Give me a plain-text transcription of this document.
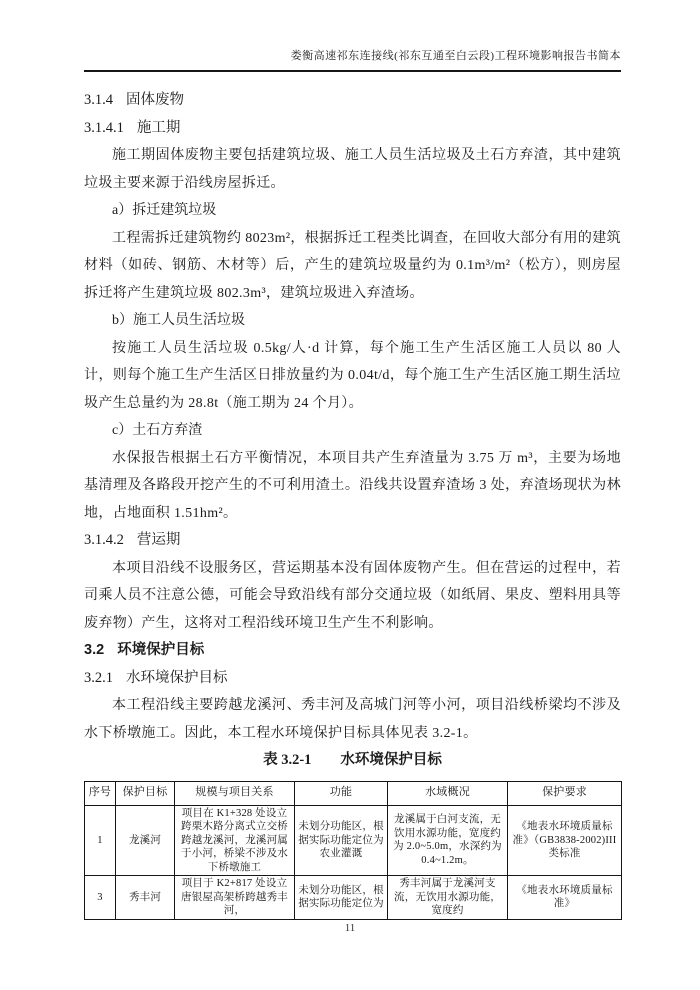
娄衡高速祁东连接线(祁东互通至白云段)工程环境影响报告书简本
3.1.4 固体废物
3.1.4.1 施工期
施工期固体废物主要包括建筑垃圾、施工人员生活垃圾及土石方弃渣，其中建筑垃圾主要来源于沿线房屋拆迁。
a）拆迁建筑垃圾
工程需拆迁建筑物约 8023m²，根据拆迁工程类比调查，在回收大部分有用的建筑材料（如砖、钢筋、木材等）后，产生的建筑垃圾量约为 0.1m³/m²（松方），则房屋拆迁将产生建筑垃圾 802.3m³，建筑垃圾进入弃渣场。
b）施工人员生活垃圾
按施工人员生活垃圾 0.5kg/人·d 计算，每个施工生产生活区施工人员以 80 人计，则每个施工生产生活区日排放量约为 0.04t/d，每个施工生产生活区施工期生活垃圾产生总量约为 28.8t（施工期为 24 个月）。
c）土石方弃渣
水保报告根据土石方平衡情况，本项目共产生弃渣量为 3.75 万 m³，主要为场地基清理及各路段开挖产生的不可利用渣土。沿线共设置弃渣场 3 处，弃渣场现状为林地，占地面积 1.51hm²。
3.1.4.2 营运期
本项目沿线不设服务区，营运期基本没有固体废物产生。但在营运的过程中，若司乘人员不注意公德，可能会导致沿线有部分交通垃圾（如纸屑、果皮、塑料用具等废弃物）产生，这将对工程沿线环境卫生产生不利影响。
3.2 环境保护目标
3.2.1 水环境保护目标
本工程沿线主要跨越龙溪河、秀丰河及高城门河等小河，项目沿线桥梁均不涉及水下桥墩施工。因此，本工程水环境保护目标具体见表 3.2-1。
表 3.2-1 水环境保护目标
序号	保护目标	规模与项目关系	功能	水域概况	保护要求
1	龙溪河	项目在 K1+328 处设立跨栗木路分离式立交桥跨越龙溪河，龙溪河属于小河，桥梁不涉及水下桥墩施工	未划分功能区，根据实际功能定位为农业灌溉	龙溪属于白河支流，无饮用水源功能，宽度约为 2.0~5.0m，水深约为 0.4~1.2m。	《地表水环境质量标准》（GB3838-2002)III 类标准
3	秀丰河	项目于 K2+817 处设立唐银屋高架桥跨越秀丰河，	未划分功能区，根据实际功能定位为	秀丰河属于龙溪河支流，无饮用水源功能，宽度约	《地表水环境质量标准》
11
